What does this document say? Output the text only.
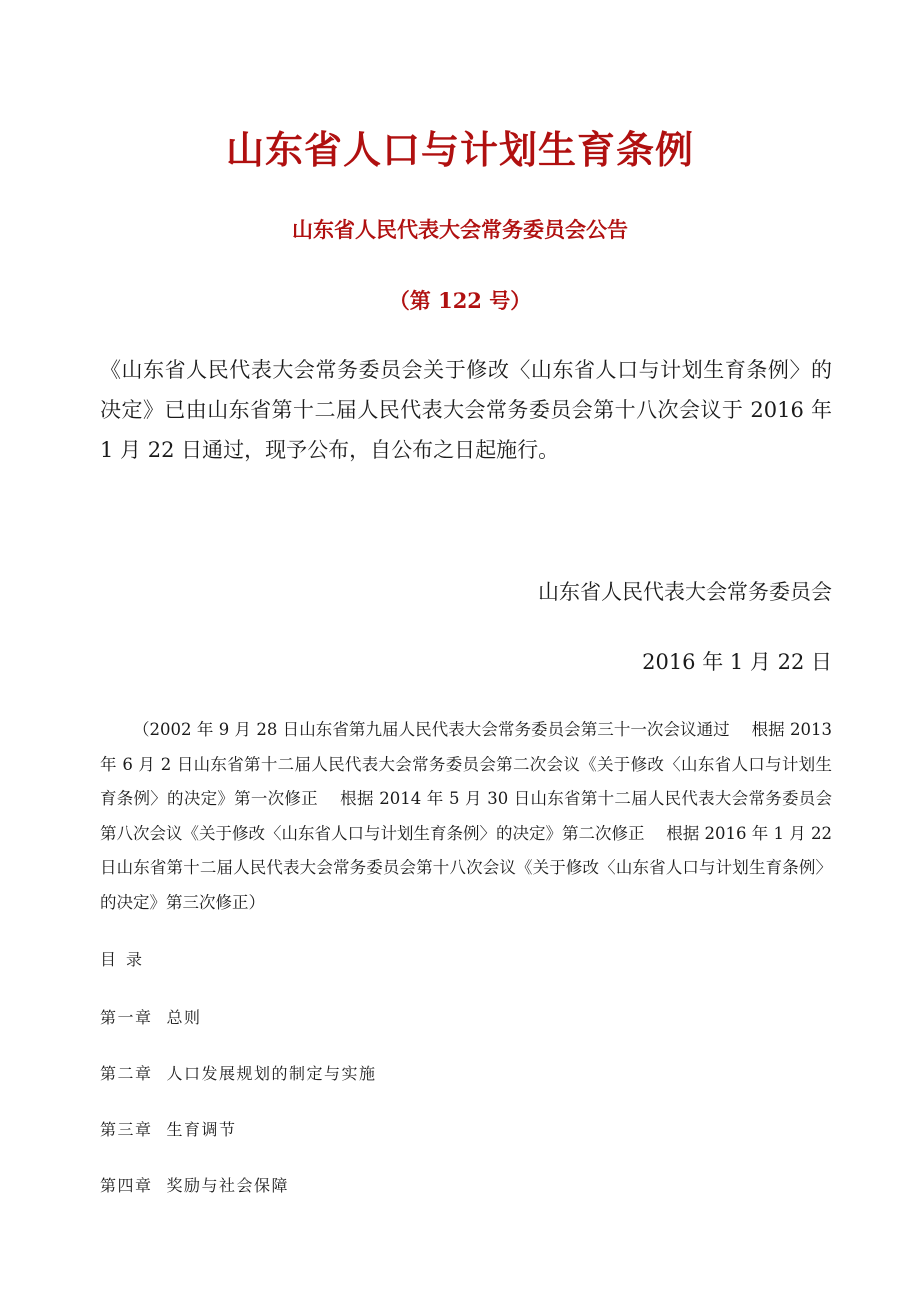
山东省人口与计划生育条例
山东省人民代表大会常务委员会公告
（第 122 号）
《山东省人民代表大会常务委员会关于修改〈山东省人口与计划生育条例〉的决定》已由山东省第十二届人民代表大会常务委员会第十八次会议于 2016 年 1 月 22 日通过，现予公布，自公布之日起施行。
山东省人民代表大会常务委员会
2016 年 1 月 22 日
（2002 年 9 月 28 日山东省第九届人民代表大会常务委员会第三十一次会议通过　 根据 2013 年 6 月 2 日山东省第十二届人民代表大会常务委员会第二次会议《关于修改〈山东省人口与计划生育条例〉的决定》第一次修正　 根据 2014 年 5 月 30 日山东省第十二届人民代表大会常务委员会第八次会议《关于修改〈山东省人口与计划生育条例〉的决定》第二次修正　 根据 2016 年 1 月 22 日山东省第十二届人民代表大会常务委员会第十八次会议《关于修改〈山东省人口与计划生育条例〉的决定》第三次修正）
目录
第一章 总则
第二章 人口发展规划的制定与实施
第三章 生育调节
第四章 奖励与社会保障
